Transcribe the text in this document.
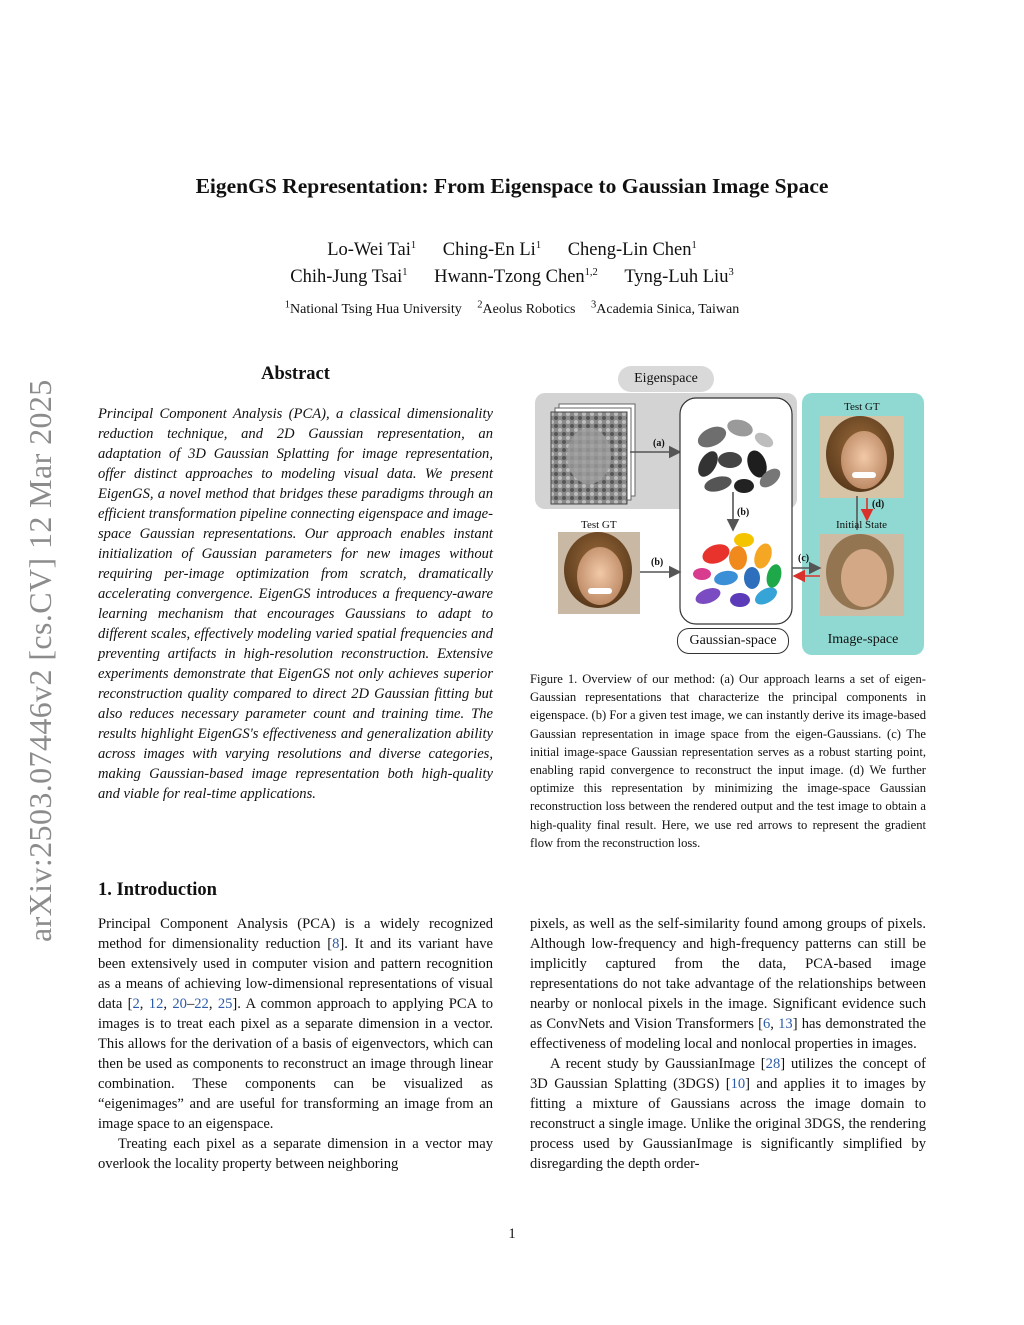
arXiv:2503.07446v2 [cs.CV] 12 Mar 2025
EigenGS Representation: From Eigenspace to Gaussian Image Space
Lo-Wei Tai$^1$ Ching-En Li$^1$ Cheng-Lin Chen$^1$
Chih-Jung Tsai$^1$ Hwann-Tzong Chen$^{1,2}$ Tyng-Luh Liu$^3$
$^1$National Tsing Hua University $^2$Aeolus Robotics $^3$Academia Sinica, Taiwan
Abstract

Principal Component Analysis (PCA), a classical dimensionality reduction technique, and 2D Gaussian representation, an adaptation of 3D Gaussian Splatting for image representation, offer distinct approaches to modeling visual data. We present EigenGS, a novel method that bridges these paradigms through an efficient transformation pipeline connecting eigenspace and image-space Gaussian representations. Our approach enables instant initialization of Gaussian parameters for new images without requiring per-image optimization from scratch, dramatically accelerating convergence. EigenGS introduces a frequency-aware learning mechanism that encourages Gaussians to adapt to different scales, effectively modeling varied spatial frequencies and preventing artifacts in high-resolution reconstruction. Extensive experiments demonstrate that EigenGS not only achieves superior reconstruction quality compared to direct 2D Gaussian fitting but also reduces necessary parameter count and training time. The results highlight EigenGS's effectiveness and generalization ability across images with varying resolutions and diverse categories, making Gaussian-based image representation both high-quality and viable for real-time applications.

1. Introduction

Principal Component Analysis (PCA) is a widely recognized method for dimensionality reduction [8]. It and its variant have been extensively used in computer vision and pattern recognition as a means of achieving low-dimensional representations of visual data [2, 12, 20–22, 25]. A common approach to applying PCA to images is to treat each pixel as a separate dimension in a vector. This allows for the derivation of a basis of eigenvectors, which can then be used as components to reconstruct an image through linear combination. These components can be visualized as “eigenimages” and are useful for transforming an image from an image space to an eigenspace.

Treating each pixel as a separate dimension in a vector may overlook the locality property between neighboring

pixels, as well as the self-similarity found among groups of pixels. Although low-frequency and high-frequency patterns can still be implicitly captured from the data, PCA-based image representations do not take advantage of the relationships between nearby or nonlocal pixels in the image. Significant evidence such as ConvNets and Vision Transformers [6, 13] has demonstrated the effectiveness of modeling local and nonlocal properties in images.

A recent study by GaussianImage [28] utilizes the concept of 3D Gaussian Splatting (3DGS) [10] and applies it to images by fitting a mixture of Gaussians across the image domain to reconstruct a single image. Unlike the original 3DGS, the rendering process used by GaussianImage is significantly simplified by disregarding the depth order-

Eigenspace
Gaussian-space	Image-space
Test GT
Test GT
Initial State
(a)
(b)
(b)	(c)
(d)

Figure 1. Overview of our method: (a) Our approach learns a set of eigen-Gaussian representations that characterize the principal components in eigenspace. (b) For a given test image, we can instantly derive its image-based Gaussian representation in image space from the eigen-Gaussians. (c) The initial image-space Gaussian representation serves as a robust starting point, enabling rapid convergence to reconstruct the input image. (d) We further optimize this representation by minimizing the image-space Gaussian reconstruction loss between the rendered output and the test image to obtain a high-quality final result. Here, we use red arrows to represent the gradient flow from the reconstruction loss.

1
